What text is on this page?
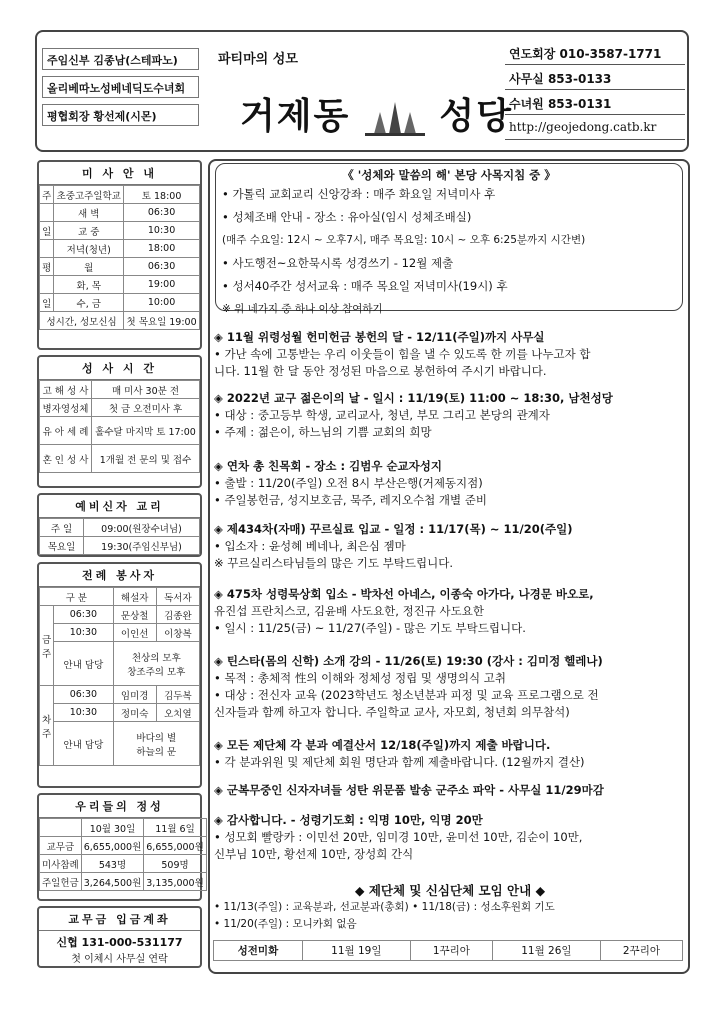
주임신부 김종남(스테파노)
올리베따노성베네딕도수녀회
평협회장 황선제(시몬)
파티마의 성모
거제동 성당
연도회장 010-3587-1771
사무실 853-0133
수녀원 853-0131
http://geojedong.catb.kr
미 사 안 내
주	초중고주일학교	토 18:00
	새 벽	06:30
일	교 중	10:30
	저녁(청년)	18:00
평	월	06:30
	화, 목	19:00
일	수, 금	10:00
성시간, 성모신심		첫 목요일 19:00
성 사 시 간
고 해 성 사	매 미사 30분 전
병자영성체	첫 금 오전미사 후
유 아 세 례	홀수달 마지막 토 17:00
혼 인 성 사	1개월 전 문의 및 접수
예비신자 교리
주 일	09:00(원장수녀님)
목요일	19:30(주임신부님)
전례 봉사자
구 분		해설자	독서자
금주	06:30	문상철	김종완
	10:30	이인선	이창복
	안내 담당	천상의 모후
창조주의 모후	

차주	06:30	임미경	김두복
	10:30	정미숙	오치열
	안내 담당	바다의 별
하늘의 문	
우리들의 정성
	10월 30일	11월 6일
교무금	6,655,000원	6,655,000원
미사참례	543명	509명
주일헌금	3,264,500원	3,135,000원
교무금 입금계좌
신협 131-000-531177
첫 이체시 사무실 연락
《 '성체와 말씀의 해' 본당 사목지침 중 》
• 가톨릭 교회교리 신앙강좌 : 매주 화요일 저녁미사 후
• 성체조배 안내 - 장소 : 유아실(임시 성체조배실)
(매주 수요일: 12시 ~ 오후7시, 매주 목요일: 10시 ~ 오후 6:25분까지 시간변)
• 사도행전~요한묵시록 성경쓰기 - 12월 제출
• 성서40주간 성서교육 : 매주 목요일 저녁미사(19시) 후
※ 위 네가지 중 하나 이상 참여하기
◈ 11월 위령성월 헌미헌금 봉헌의 달 - 12/11(주일)까지 사무실
• 가난 속에 고통받는 우리 이웃들이 힘을 낼 수 있도록 한 끼를 나누고자 합
니다. 11월 한 달 동안 정성된 마음으로 봉헌하여 주시기 바랍니다.
◈ 2022년 교구 젊은이의 날 - 일시 : 11/19(토) 11:00 ~ 18:30, 남천성당
• 대상 : 중고등부 학생, 교리교사, 청년, 부모 그리고 본당의 관계자
• 주제 : 젊은이, 하느님의 기쁨 교회의 희망
◈ 연차 총 친목회 - 장소 : 김범우 순교자성지
• 출발 : 11/20(주일) 오전 8시 부산은행(거제동지점)
• 주일봉헌금, 성지보호금, 묵주, 레지오수첩 개별 준비
◈ 제434차(자매) 꾸르실료 입교 - 일정 : 11/17(목) ~ 11/20(주일)
• 입소자 : 윤성혜 베네나, 최은심 젬마
※ 꾸르실리스타님들의 많은 기도 부탁드립니다.
◈ 475차 성령묵상회 입소 - 박차선 아네스, 이종숙 아가다, 나경문 바오로,
유진섭 프란치스코, 김윤배 사도요한, 정진규 사도요한
• 일시 : 11/25(금) ~ 11/27(주일) - 많은 기도 부탁드립니다.
◈ 틴스타(몸의 신학) 소개 강의 - 11/26(토) 19:30 (강사 : 김미정 헬레나)
• 목적 : 총체적 性의 이해와 정체성 정립 및 생명의식 고취
• 대상 : 전신자 교육 (2023학년도 청소년분과 피정 및 교육 프로그램으로 전
신자들과 함께 하고자 합니다. 주일학교 교사, 자모회, 청년회 의무참석)
◈ 모든 제단체 각 분과 예결산서 12/18(주일)까지 제출 바랍니다.
• 각 분과위원 및 제단체 회원 명단과 함께 제출바랍니다. (12월까지 결산)
◈ 군복무중인 신자자녀들 성탄 위문품 발송 군주소 파악 - 사무실 11/29마감
◈ 감사합니다. - 성령기도회 : 익명 10만, 익명 20만
• 성모회 빨랑카 : 이민선 20만, 임미경 10만, 윤미선 10만, 김순이 10만,
신부님 10만, 황선제 10만, 장성희 간식
◆ 제단체 및 신심단체 모임 안내 ◆
• 11/13(주일) : 교육분과, 선교분과(총회) • 11/18(금) : 성소후원회 기도
• 11/20(주일) : 모니카회 없음
성전미화	11월 19일	1꾸리아	11월 26일	2꾸리아
